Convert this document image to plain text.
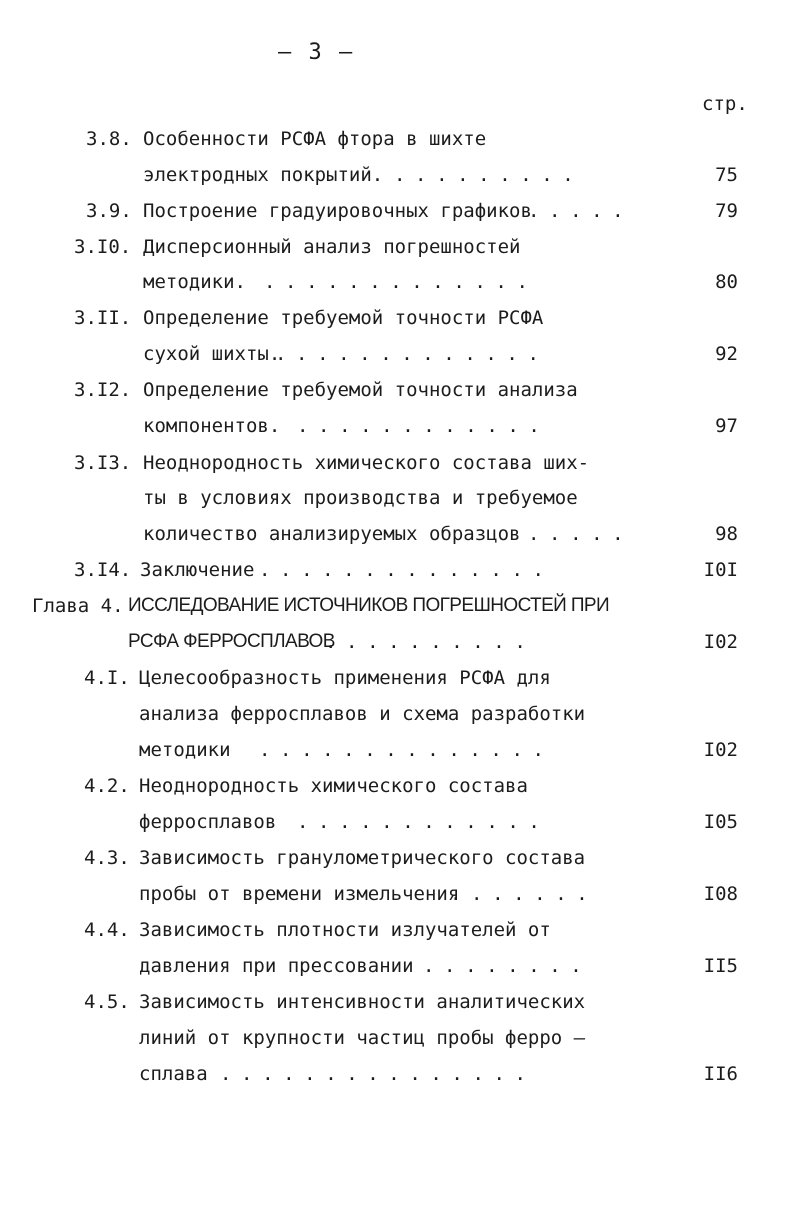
– 3 –
стр.
3.8. Особенности РСФА фтора в шихте
электродных покрытий. .........	75
3.9. Построение градуировочных графиков
.....	79
3.I0. Дисперсионный анализ погрешностей
методики. .............	80
3.II. Определение требуемой точности РСФА
сухой шихты.
.............	92
3.I2. Определение требуемой точности анализа
компонентов. ............	97
3.I3. Неоднородность химического состава ших-
ты в условиях производства и требуемое
количество анализируемых образцов .....	98
3.I4. Заключение ..............	I0I
Глава 4. ИССЛЕДОВАНИЕ ИСТОЧНИКОВ ПОГРЕШНОСТЕЙ ПРИ
РСФА ФЕРРОСПЛАВОВ
..........	I02
4.I. Целесообразность применения РСФА для
анализа ферросплавов и схема разработки
методики ..............	I02
4.2. Неоднородность химического состава
ферросплавов ............	I05
4.3. Зависимость гранулометрического состава
пробы от времени измельчения
.......	I08
4.4. Зависимость плотности излучателей от
давления при прессовании ........	II5
4.5. Зависимость интенсивности аналитических
линий от крупности частиц пробы ферро –
сплава ...............	II6
